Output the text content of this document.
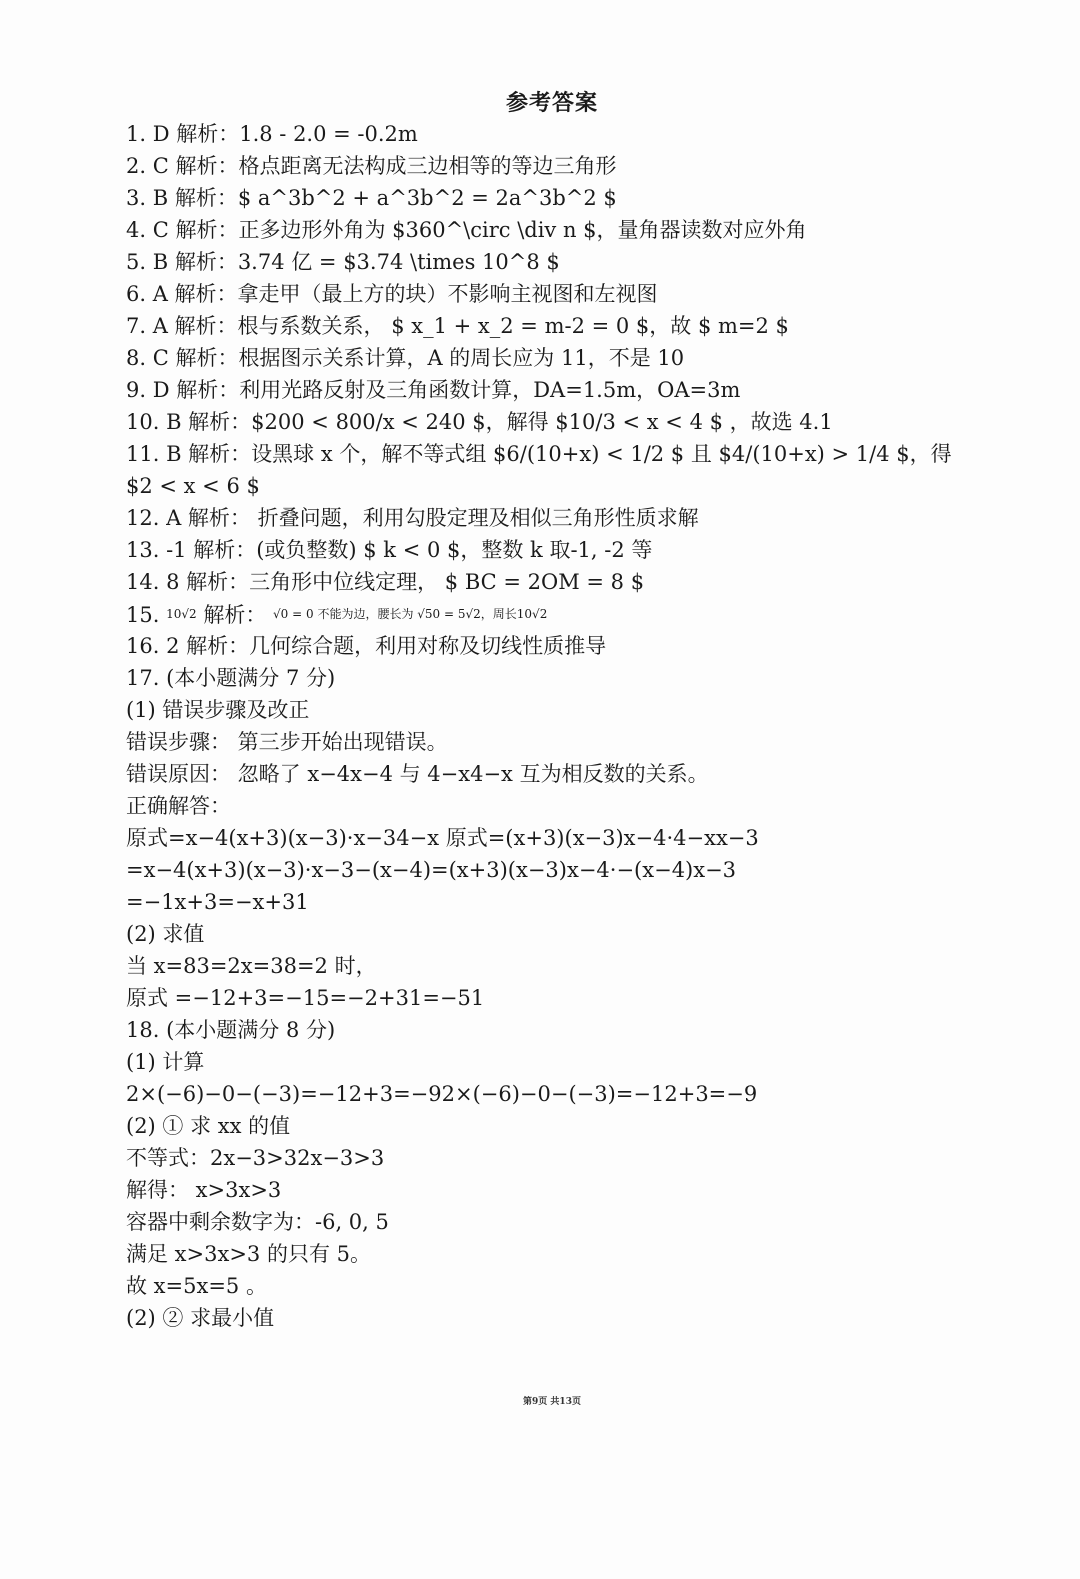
参考答案
1. D 解析：1.8 - 2.0 = -0.2m
2. C 解析：格点距离无法构成三边相等的等边三角形
3. B 解析：$ a^3b^2 + a^3b^2 = 2a^3b^2 $
4. C 解析：正多边形外角为 $360^\circ \div n $，量角器读数对应外角
5. B 解析：3.74 亿 = $3.74 \times 10^8 $
6. A 解析：拿走甲（最上方的块）不影响主视图和左视图
7. A 解析：根与系数关系， $ x_1 + x_2 = m-2 = 0 $，故 $ m=2 $
8. C 解析：根据图示关系计算，A 的周长应为 11，不是 10
9. D 解析：利用光路反射及三角函数计算，DA=1.5m，OA=3m
10. B 解析：$200 < 800/x < 240 $，解得 $10/3 < x < 4 $ ，故选 4.1
11. B 解析：设黑球 x 个，解不等式组 $6/(10+x) < 1/2 $ 且 $4/(10+x) > 1/4 $，得
$2 < x < 6 $
12. A 解析： 折叠问题，利用勾股定理及相似三角形性质求解
13. -1 解析：(或负整数) $ k < 0 $，整数 k 取-1, -2 等
14. 8 解析：三角形中位线定理， $ BC = 2OM = 8 $
15. 10√2 解析： √0 = 0 不能为边，腰长为 √50 = 5√2，周长10√2
16. 2 解析：几何综合题，利用对称及切线性质推导
17. (本小题满分 7 分)
(1) 错误步骤及改正
错误步骤： 第三步开始出现错误。
错误原因： 忽略了 x−4x−4 与 4−x4−x 互为相反数的关系。
正确解答：
原式=x−4(x+3)(x−3)·x−34−x 原式=(x+3)(x−3)x−4·4−xx−3
=x−4(x+3)(x−3)·x−3−(x−4)=(x+3)(x−3)x−4·−(x−4)x−3
=−1x+3=−x+31
(2) 求值
当 x=83=2x=38=2 时，
原式 =−12+3=−15=−2+31=−51
18. (本小题满分 8 分)
(1) 计算
2×(−6)−0−(−3)=−12+3=−92×(−6)−0−(−3)=−12+3=−9
(2) ① 求 xx 的值
不等式：2x−3>32x−3>3
解得： x>3x>3
容器中剩余数字为：-6, 0, 5
满足 x>3x>3 的只有 5。
故 x=5x=5 。
(2) ② 求最小值
第9页 共13页
